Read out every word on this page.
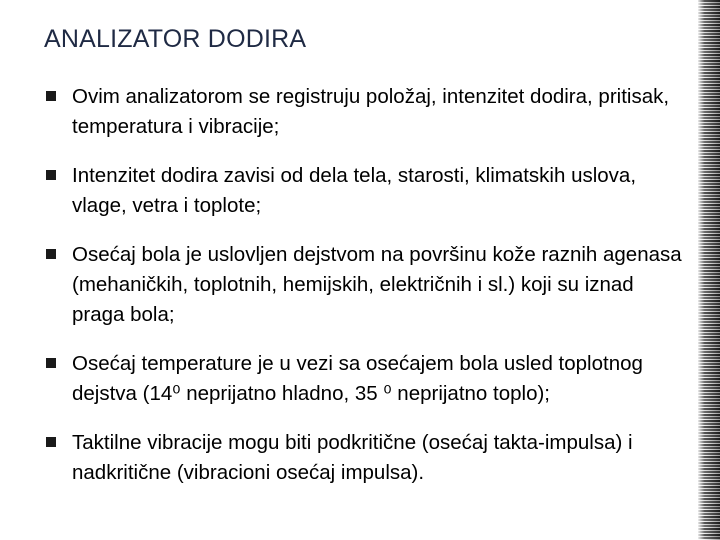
ANALIZATOR DODIRA
Ovim analizatorom se registruju položaj, intenzitet dodira, pritisak, temperatura i vibracije;
Intenzitet dodira zavisi od dela tela, starosti, klimatskih uslova, vlage, vetra i toplote;
Osećaj bola je uslovljen dejstvom na površinu kože raznih agenasa (mehaničkih, toplotnih, hemijskih, električnih i sl.) koji su iznad praga bola;
Osećaj temperature je u vezi sa osećajem bola usled toplotnog dejstva (14⁰ neprijatno hladno, 35 ⁰ neprijatno toplo);
Taktilne vibracije mogu biti podkritične (osećaj takta-impulsa) i nadkritične (vibracioni osećaj impulsa).
